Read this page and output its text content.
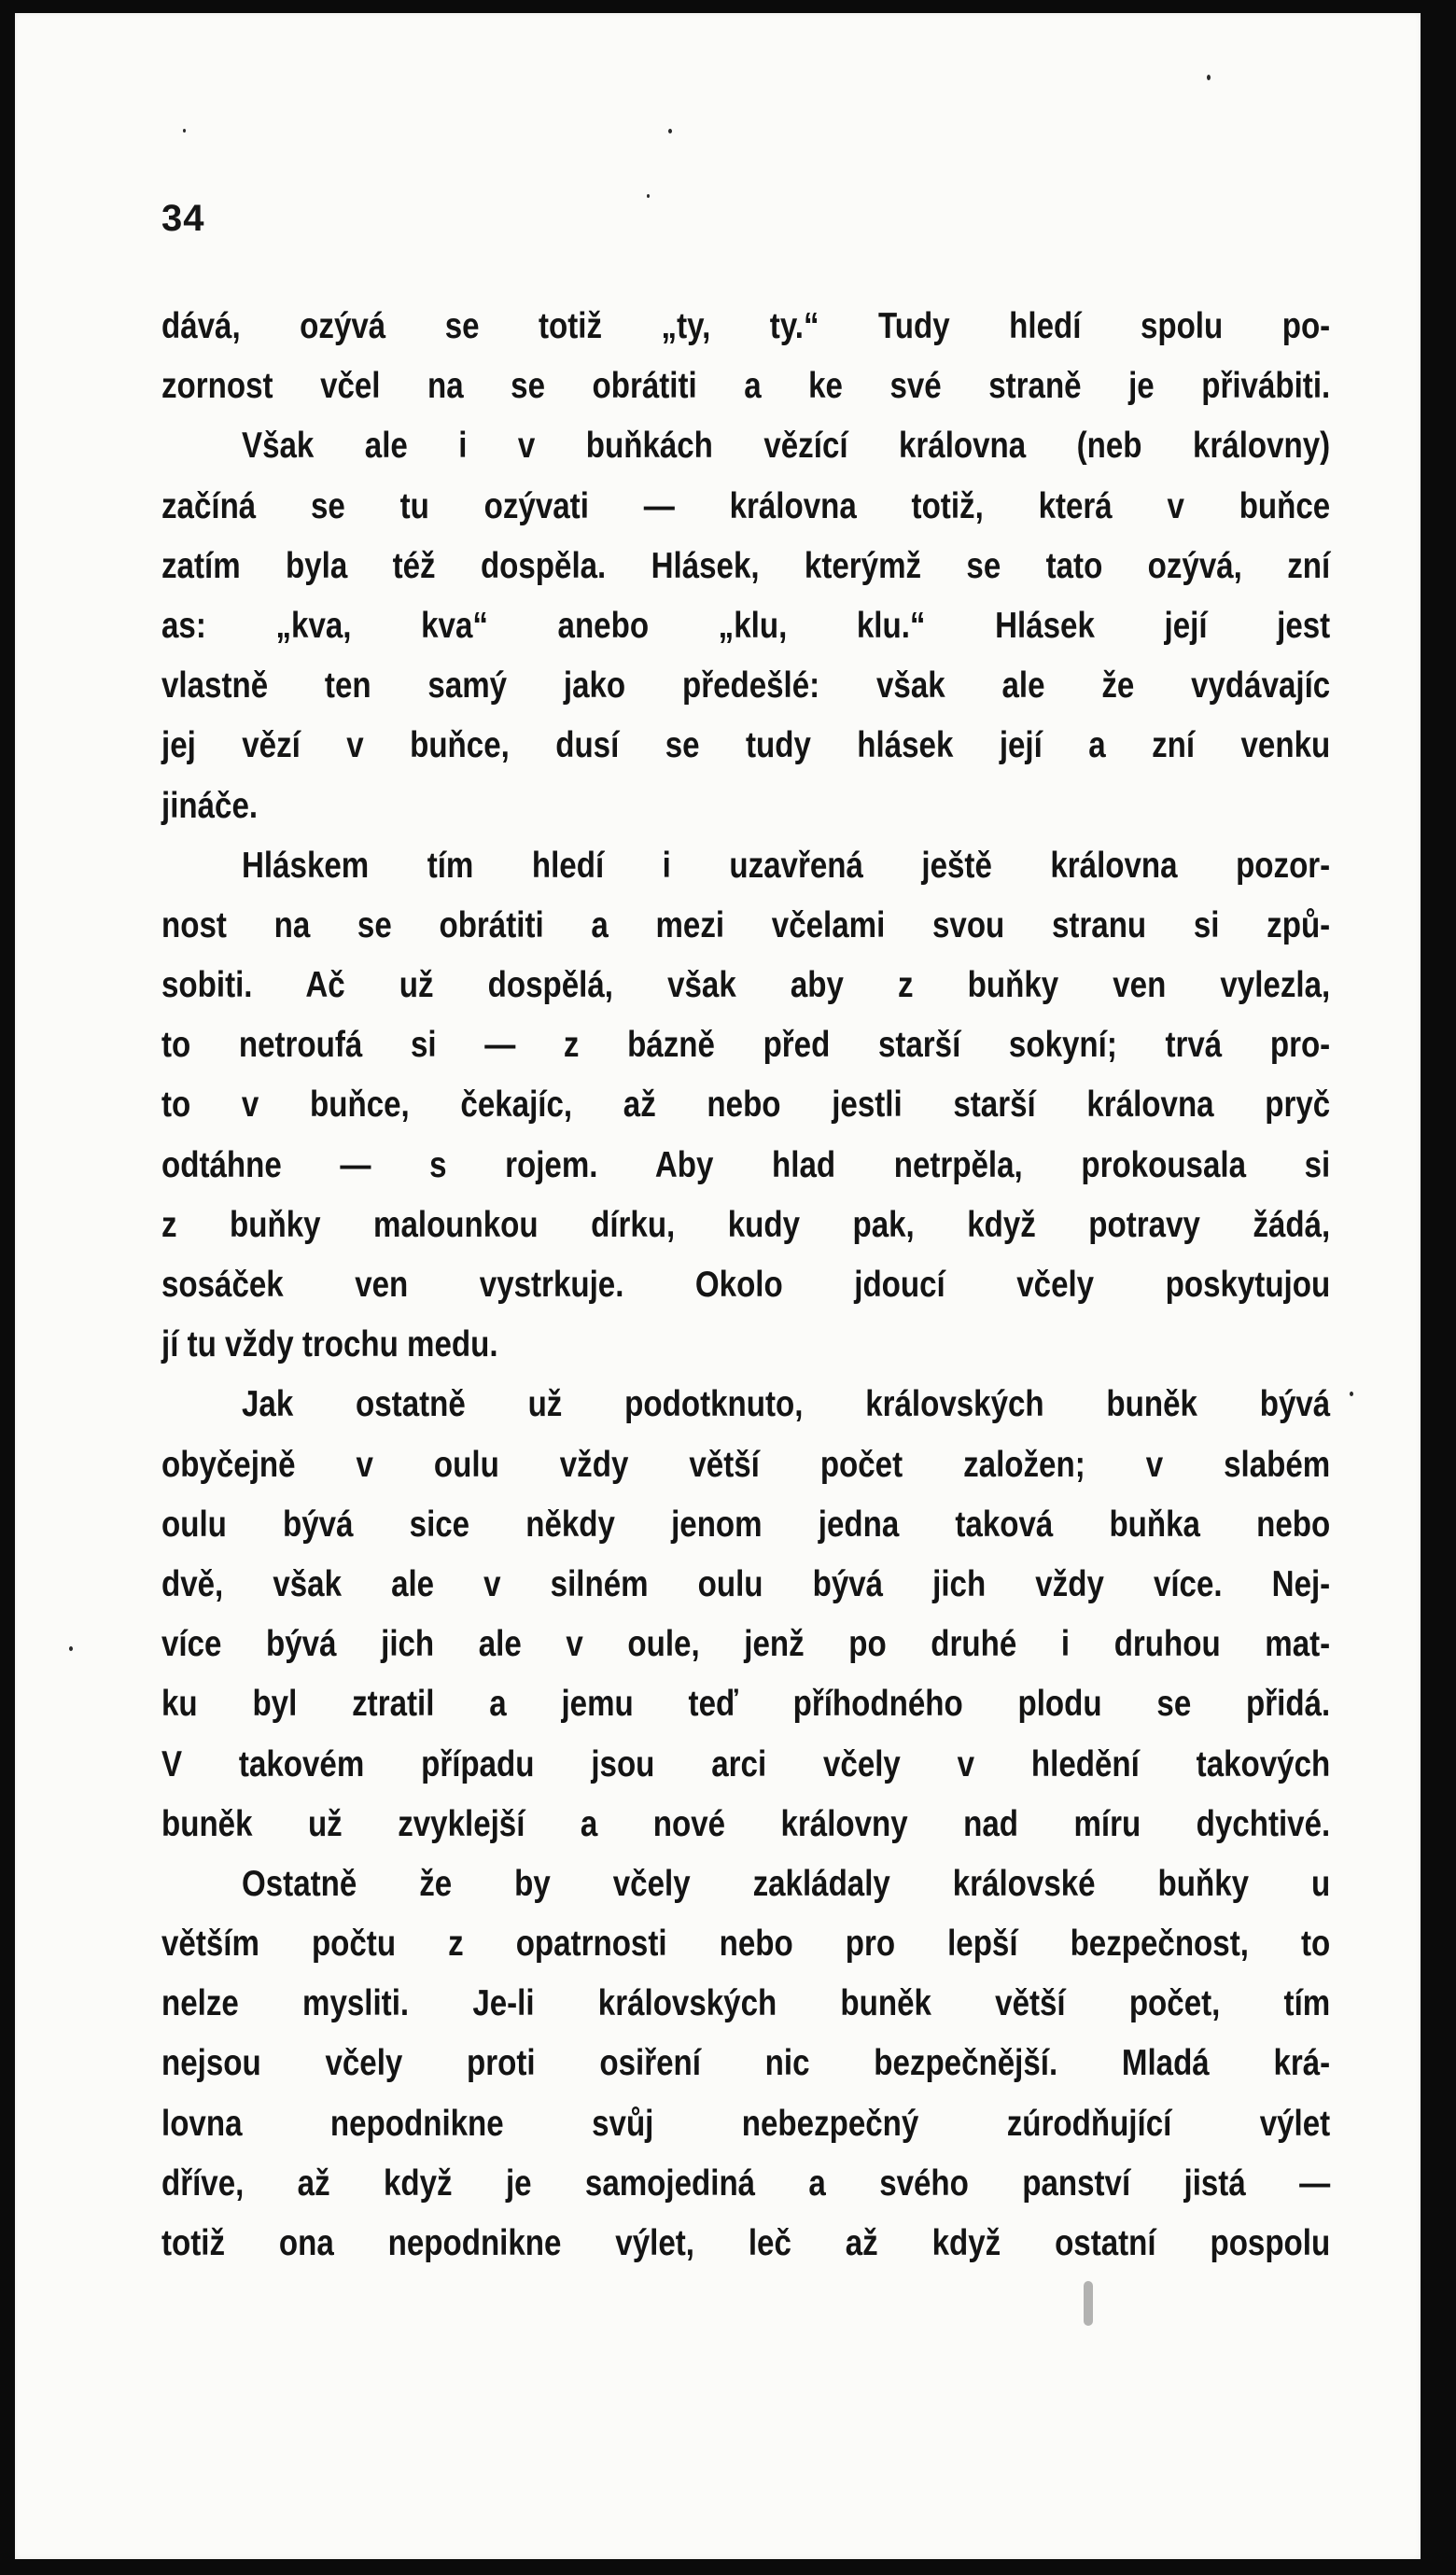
34
dává, ozývá se totiž „ty, ty.“ Tudy hledí spolu po-
zornost včel na se obrátiti a ke své straně je přivábiti.
Však ale i v buňkách vězící královna (neb královny)
začíná se tu ozývati — královna totiž, která v buňce
zatím byla též dospěla. Hlásek, kterýmž se tato ozývá, zní
as: „kva, kva“ anebo „klu, klu.“ Hlásek její jest
vlastně ten samý jako předešlé: však ale že vydávajíc
jej vězí v buňce, dusí se tudy hlásek její a zní venku
jináče.
Hláskem tím hledí i uzavřená ještě královna pozor-
nost na se obrátiti a mezi včelami svou stranu si způ-
sobiti. Ač už dospělá, však aby z buňky ven vylezla,
to netroufá si — z bázně před starší sokyní; trvá pro-
to v buňce, čekajíc, až nebo jestli starší královna pryč
odtáhne — s rojem. Aby hlad netrpěla, prokousala si
z buňky malounkou dírku, kudy pak, když potravy žádá,
sosáček ven vystrkuje. Okolo jdoucí včely poskytujou
jí tu vždy trochu medu.
Jak ostatně už podotknuto, královských buněk bývá
obyčejně v oulu vždy větší počet založen; v slabém
oulu bývá sice někdy jenom jedna taková buňka nebo
dvě, však ale v silném oulu bývá jich vždy více. Nej-
více bývá jich ale v oule, jenž po druhé i druhou mat-
ku byl ztratil a jemu teď příhodného plodu se přidá.
V takovém případu jsou arci včely v hledění takových
buněk už zvyklejší a nové královny nad míru dychtivé.
Ostatně že by včely zakládaly královské buňky u
větším počtu z opatrnosti nebo pro lepší bezpečnost, to
nelze mysliti. Je-li královských buněk větší počet, tím
nejsou včely proti osiření nic bezpečnější. Mladá krá-
lovna nepodnikne svůj nebezpečný zúrodňující výlet
dříve, až když je samojediná a svého panství jistá —
totiž ona nepodnikne výlet, leč až když ostatní pospolu
